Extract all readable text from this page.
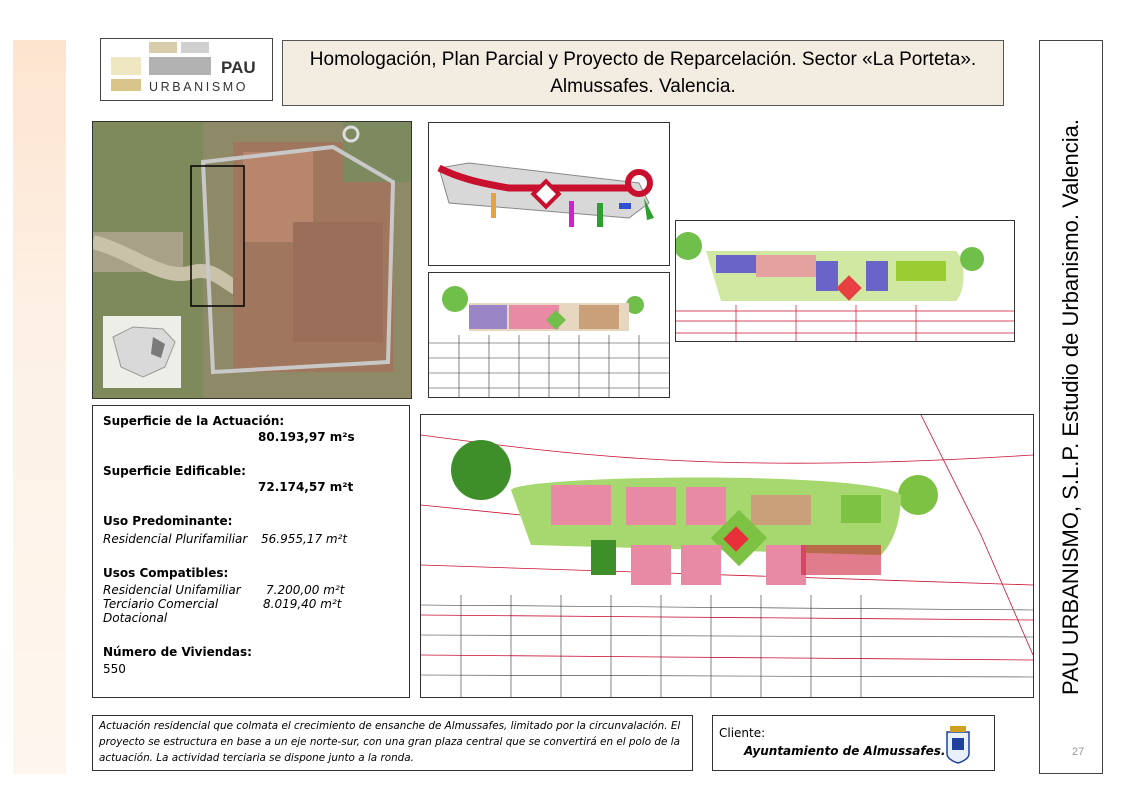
PAU
URBANISMO
Homologación, Plan Parcial y Proyecto de Reparcelación. Sector «La Porteta».
Almussafes. Valencia.
Superficie de la Actuación:
80.193,97 m²s
Superficie Edificable:
72.174,57 m²t
Uso Predominante:
Residencial Plurifamiliar	56.955,17 m²t
Usos Compatibles:
Residencial Unifamiliar	7.200,00 m²t
Terciario Comercial	8.019,40 m²t
Dotacional
Número de Viviendas:
550
Actuación residencial que colmata el crecimiento de ensanche de Almussafes, limitado por la circunvalación. El proyecto se estructura en base a un eje norte-sur, con una gran plaza central que se convertirá en el polo de la actuación. La actividad terciaria se dispone junto a la ronda.
Cliente:
Ayuntamiento de Almussafes.
PAU URBANISMO, S.L.P. Estudio de Urbanismo. Valencia.
27
